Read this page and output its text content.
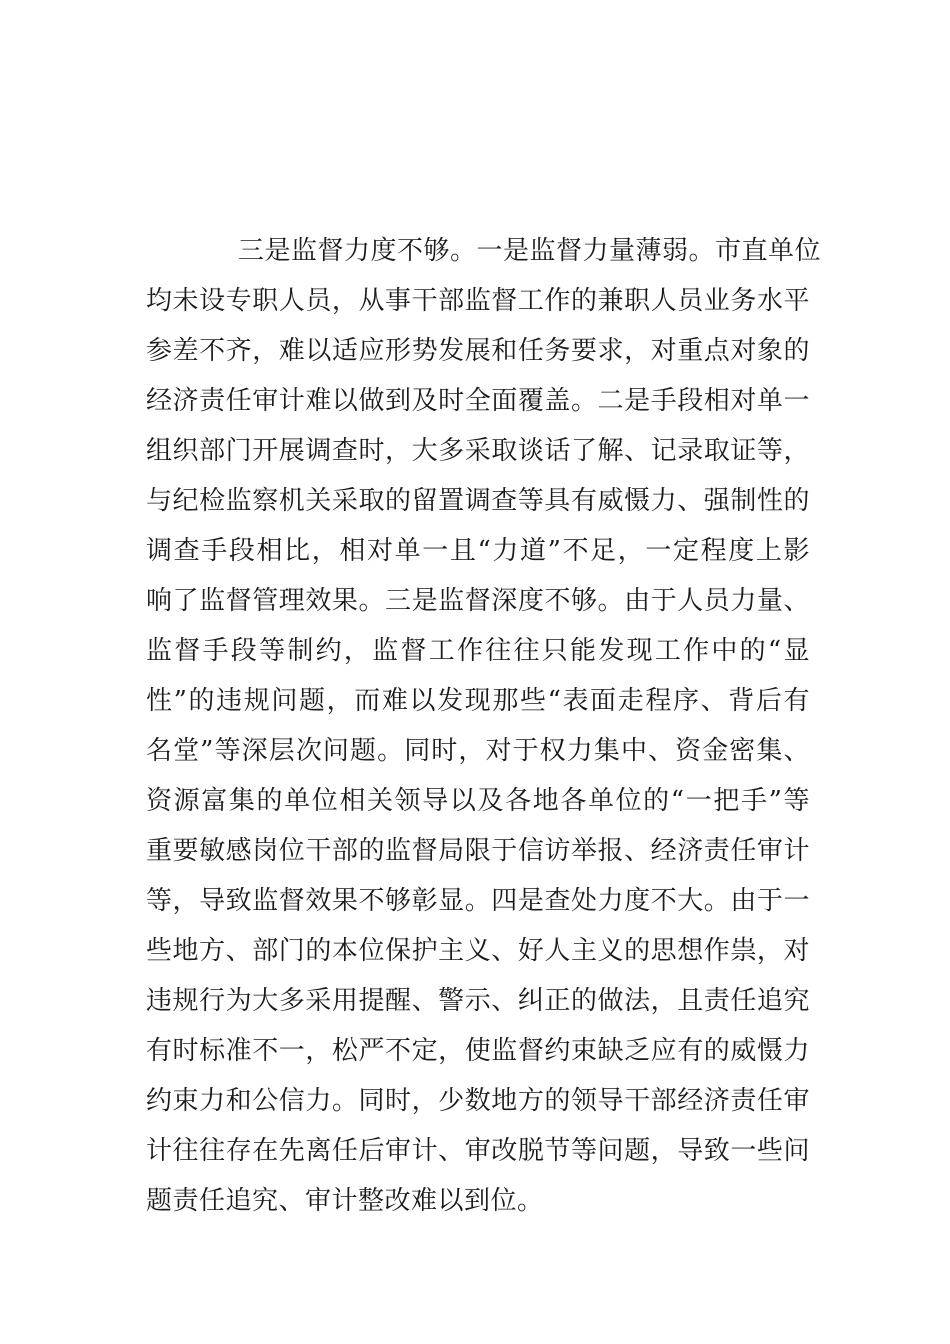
三是监督力度不够。一是监督力量薄弱。市直单位
均未设专职人员，从事干部监督工作的兼职人员业务水平
参差不齐，难以适应形势发展和任务要求，对重点对象的
经济责任审计难以做到及时全面覆盖。二是手段相对单一
组织部门开展调查时，大多采取谈话了解、记录取证等，
与纪检监察机关采取的留置调查等具有威慑力、强制性的
调查手段相比，相对单一且“力道”不足，一定程度上影
响了监督管理效果。三是监督深度不够。由于人员力量、
监督手段等制约，监督工作往往只能发现工作中的“显
性”的违规问题，而难以发现那些“表面走程序、背后有
名堂”等深层次问题。同时，对于权力集中、资金密集、
资源富集的单位相关领导以及各地各单位的“一把手”等
重要敏感岗位干部的监督局限于信访举报、经济责任审计
等，导致监督效果不够彰显。四是查处力度不大。由于一
些地方、部门的本位保护主义、好人主义的思想作祟，对
违规行为大多采用提醒、警示、纠正的做法，且责任追究
有时标准不一，松严不定，使监督约束缺乏应有的威慑力
约束力和公信力。同时，少数地方的领导干部经济责任审
计往往存在先离任后审计、审改脱节等问题，导致一些问
题责任追究、审计整改难以到位。
